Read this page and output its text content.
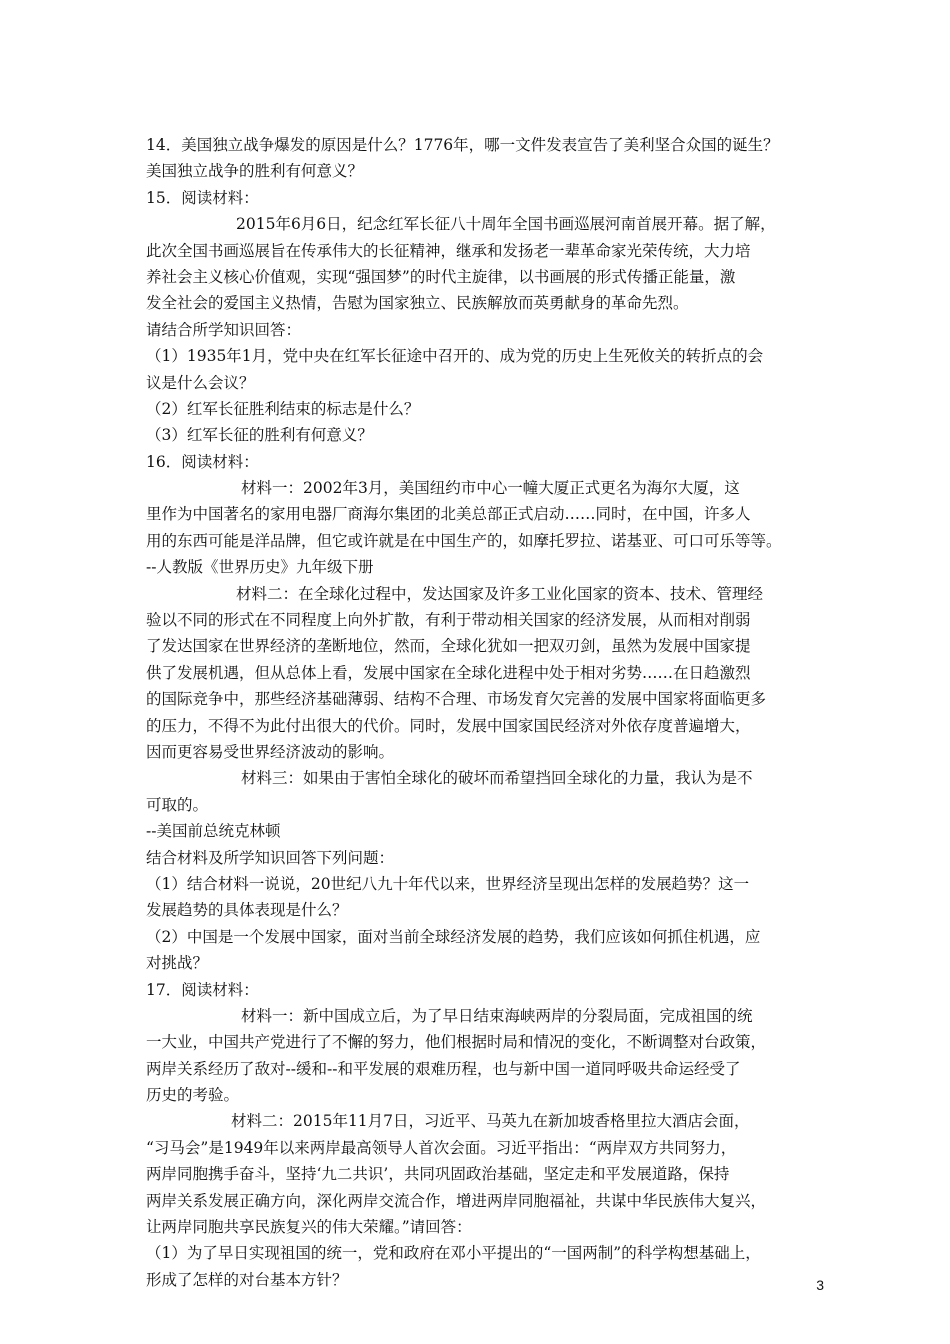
14．美国独立战争爆发的原因是什么？1776年，哪一文件发表宣告了美利坚合众国的诞生？
美国独立战争的胜利有何意义？
15．阅读材料：
2015年6月6日，纪念红军长征八十周年全国书画巡展河南首展开幕。据了解，
此次全国书画巡展旨在传承伟大的长征精神，继承和发扬老一辈革命家光荣传统，大力培
养社会主义核心价值观，实现“强国梦”的时代主旋律，以书画展的形式传播正能量，激
发全社会的爱国主义热情，告慰为国家独立、民族解放而英勇献身的革命先烈。
请结合所学知识回答：
（1）1935年1月，党中央在红军长征途中召开的、成为党的历史上生死攸关的转折点的会
议是什么会议？
（2）红军长征胜利结束的标志是什么？
（3）红军长征的胜利有何意义？
16．阅读材料：
材料一：2002年3月，美国纽约市中心一幢大厦正式更名为海尔大厦，这
里作为中国著名的家用电器厂商海尔集团的北美总部正式启动……同时，在中国，许多人
用的东西可能是洋品牌，但它或许就是在中国生产的，如摩托罗拉、诺基亚、可口可乐等等。
--人教版《世界历史》九年级下册
材料二：在全球化过程中，发达国家及许多工业化国家的资本、技术、管理经
验以不同的形式在不同程度上向外扩散，有利于带动相关国家的经济发展，从而相对削弱
了发达国家在世界经济的垄断地位，然而，全球化犹如一把双刃剑，虽然为发展中国家提
供了发展机遇，但从总体上看，发展中国家在全球化进程中处于相对劣势……在日趋激烈
的国际竞争中，那些经济基础薄弱、结构不合理、市场发育欠完善的发展中国家将面临更多
的压力，不得不为此付出很大的代价。同时，发展中国家国民经济对外依存度普遍增大，
因而更容易受世界经济波动的影响。
材料三：如果由于害怕全球化的破坏而希望挡回全球化的力量，我认为是不
可取的。
--美国前总统克林顿
结合材料及所学知识回答下列问题：
（1）结合材料一说说，20世纪八九十年代以来，世界经济呈现出怎样的发展趋势？这一
发展趋势的具体表现是什么？
（2）中国是一个发展中国家，面对当前全球经济发展的趋势，我们应该如何抓住机遇，应
对挑战？
17．阅读材料：
材料一：新中国成立后，为了早日结束海峡两岸的分裂局面，完成祖国的统
一大业，中国共产党进行了不懈的努力，他们根据时局和情况的变化，不断调整对台政策，
两岸关系经历了敌对--缓和--和平发展的艰难历程，也与新中国一道同呼吸共命运经受了
历史的考验。
材料二：2015年11月7日，习近平、马英九在新加坡香格里拉大酒店会面，
“习马会”是1949年以来两岸最高领导人首次会面。习近平指出：“两岸双方共同努力，
两岸同胞携手奋斗，坚持‘九二共识’，共同巩固政治基础，坚定走和平发展道路，保持
两岸关系发展正确方向，深化两岸交流合作，增进两岸同胞福祉，共谋中华民族伟大复兴，
让两岸同胞共享民族复兴的伟大荣耀。”请回答：
（1）为了早日实现祖国的统一，党和政府在邓小平提出的“一国两制”的科学构想基础上，
形成了怎样的对台基本方针？	3
